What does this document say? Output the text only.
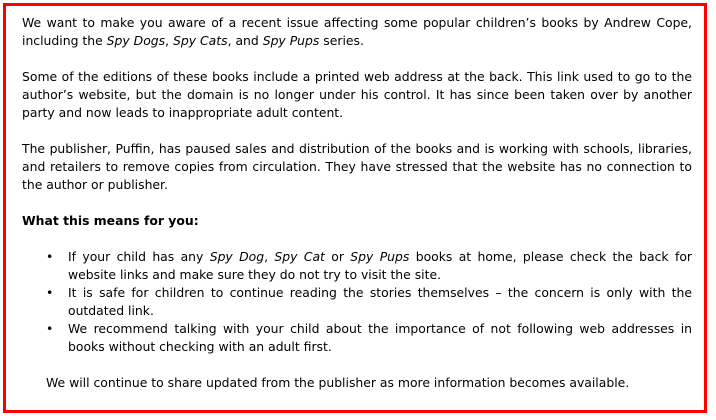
We want to make you aware of a recent issue affecting some popular children’s books by Andrew Cope, including the Spy Dogs, Spy Cats, and Spy Pups series.

Some of the editions of these books include a printed web address at the back. This link used to go to the author’s website, but the domain is no longer under his control. It has since been taken over by another party and now leads to inappropriate adult content.

The publisher, Puffin, has paused sales and distribution of the books and is working with schools, libraries, and retailers to remove copies from circulation. They have stressed that the website has no connection to the author or publisher.

What this means for you:

• If your child has any Spy Dog, Spy Cat or Spy Pups books at home, please check the back for website links and make sure they do not try to visit the site.
• It is safe for children to continue reading the stories themselves – the concern is only with the outdated link.
• We recommend talking with your child about the importance of not following web addresses in books without checking with an adult first.

We will continue to share updated from the publisher as more information becomes available.
